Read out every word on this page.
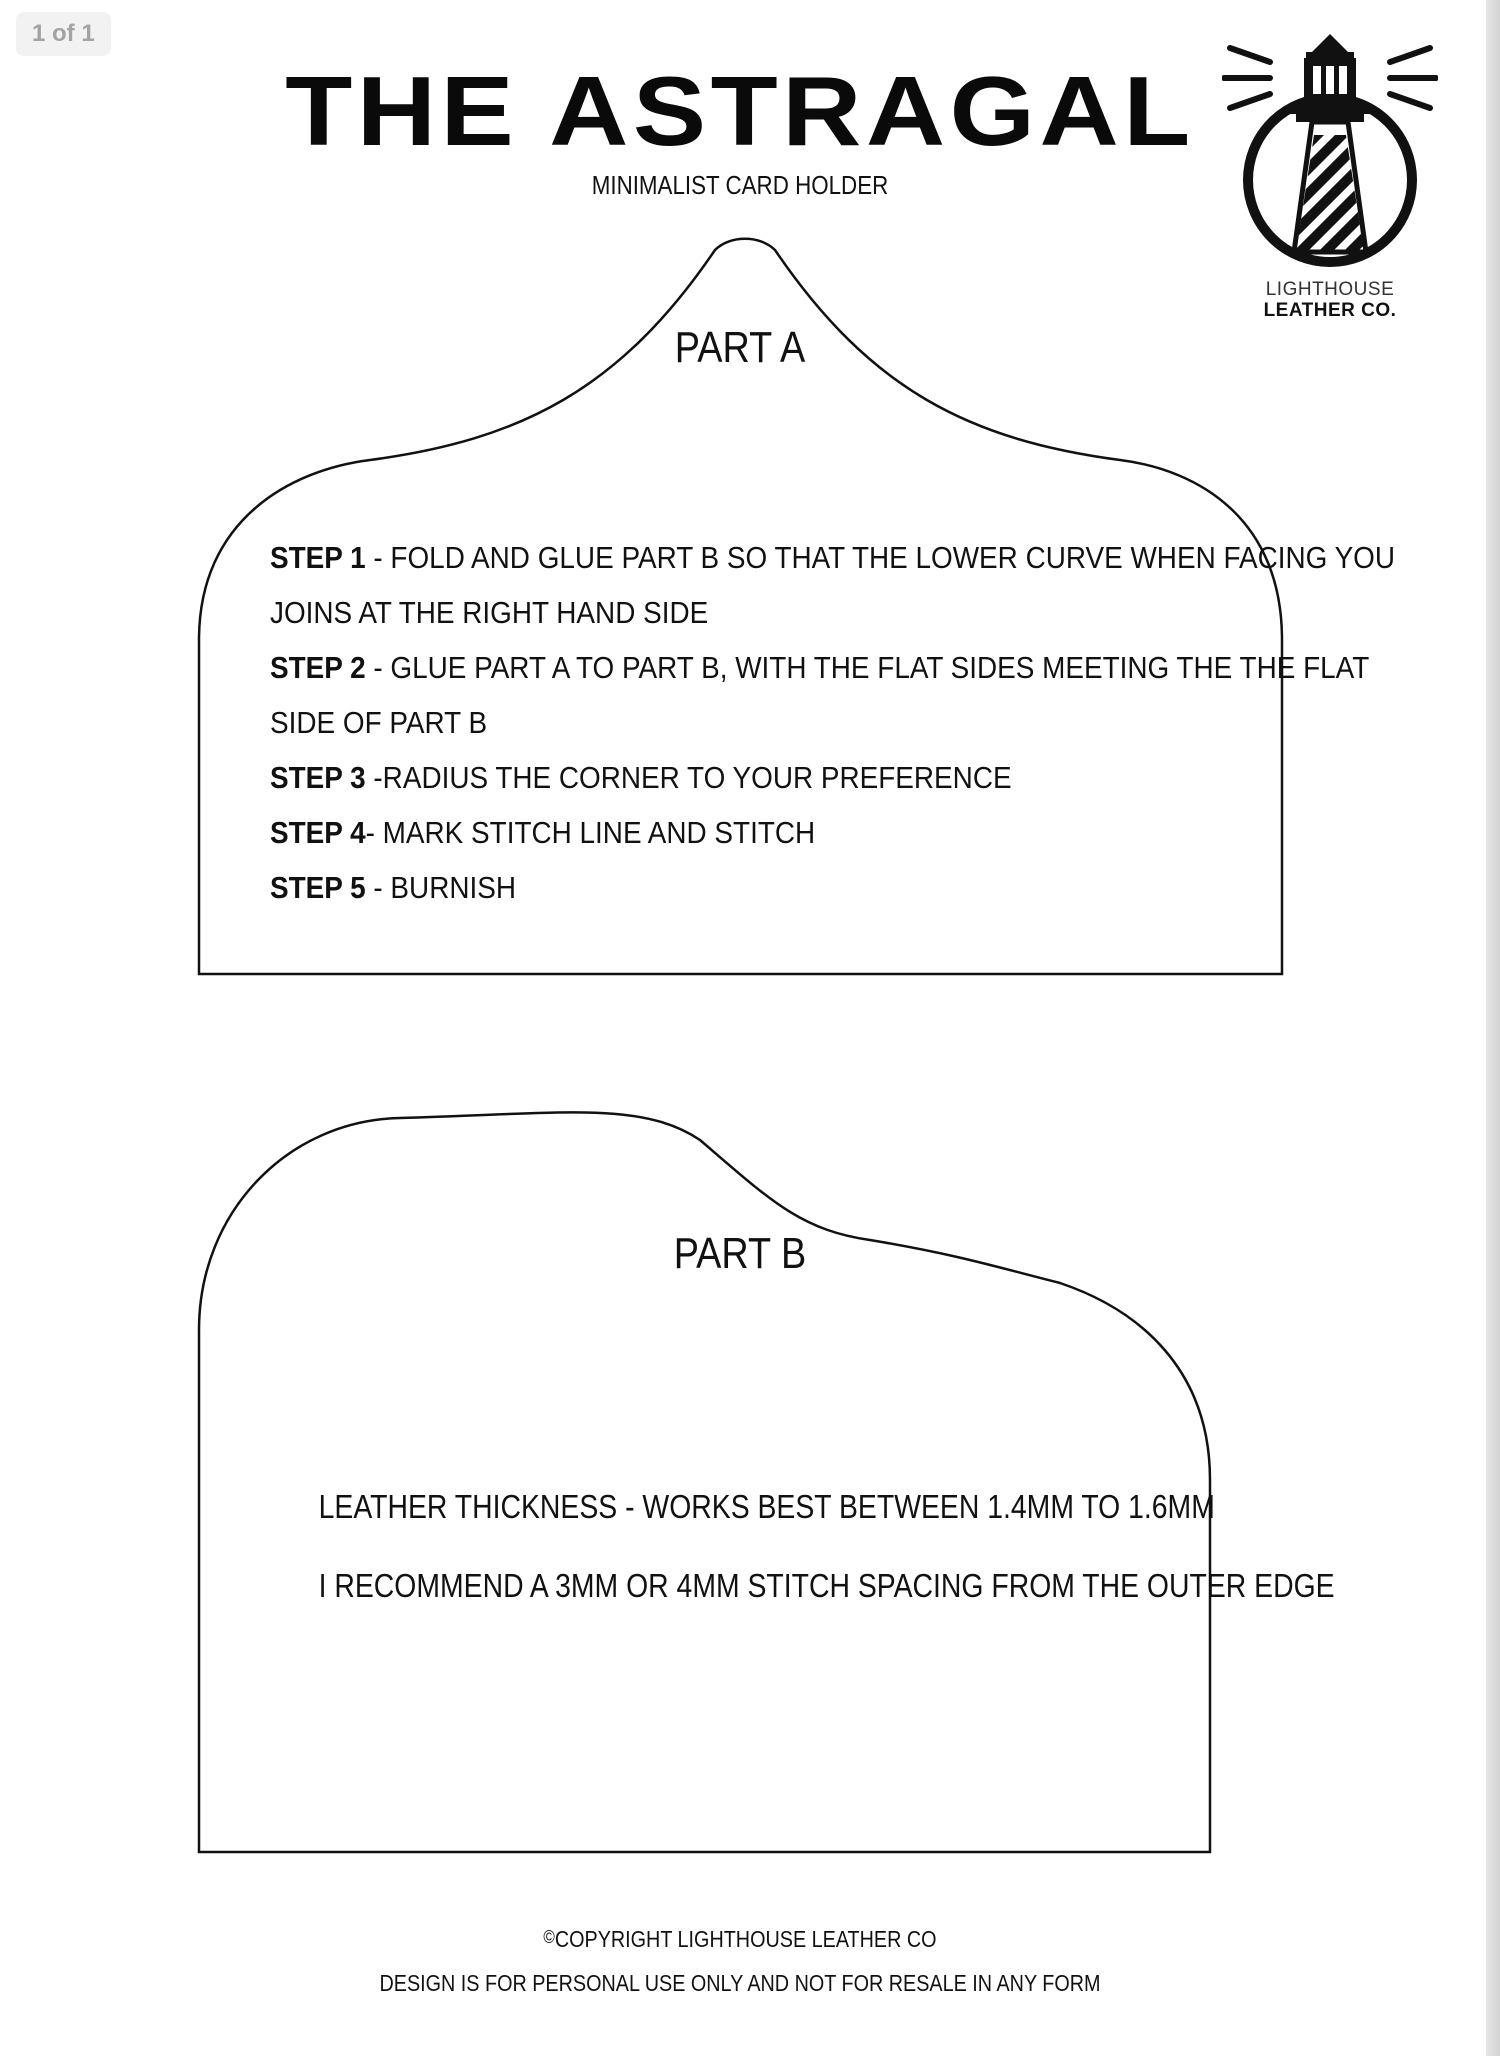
1 of 1
THE ASTRAGAL
MINIMALIST CARD HOLDER
LIGHTHOUSE
LEATHER CO.
PART A
STEP 1 - FOLD AND GLUE PART B SO THAT THE LOWER CURVE WHEN FACING YOU
JOINS AT THE RIGHT HAND SIDE
STEP 2 - GLUE PART A TO PART B, WITH THE FLAT SIDES MEETING THE THE FLAT
SIDE OF PART B
STEP 3 -RADIUS THE CORNER TO YOUR PREFERENCE
STEP 4- MARK STITCH LINE AND STITCH
STEP 5 - BURNISH
PART B
LEATHER THICKNESS - WORKS BEST BETWEEN 1.4MM TO 1.6MM
I RECOMMEND A 3MM OR 4MM STITCH SPACING FROM THE OUTER EDGE
©COPYRIGHT LIGHTHOUSE LEATHER CO
DESIGN IS FOR PERSONAL USE ONLY AND NOT FOR RESALE IN ANY FORM
